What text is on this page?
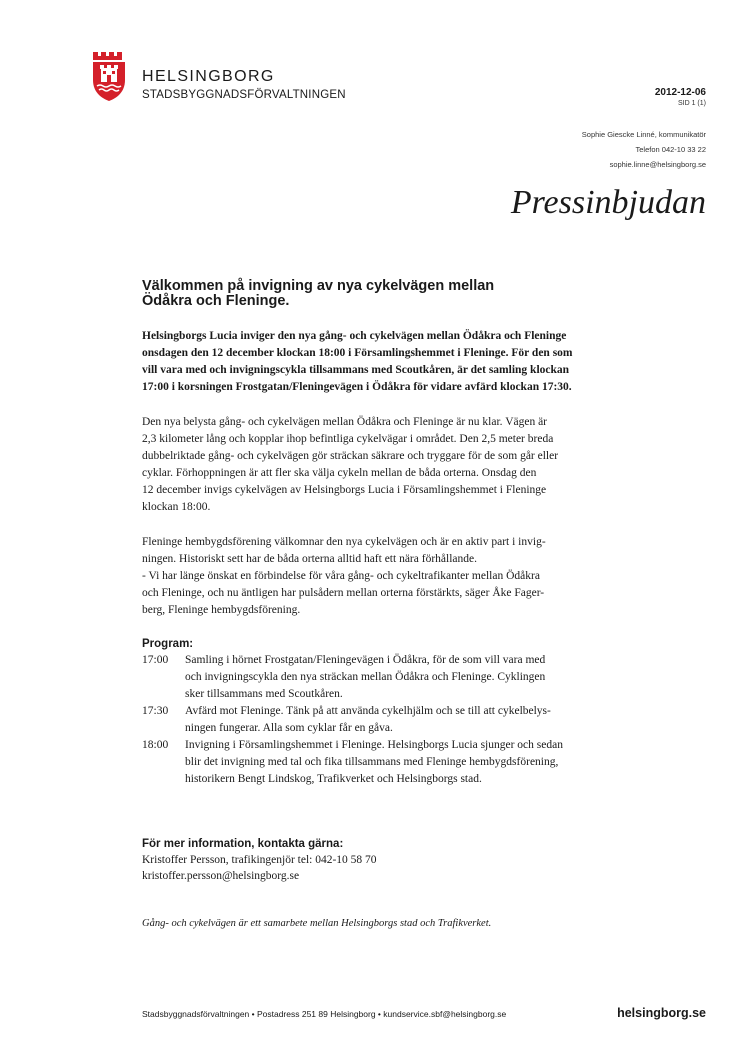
HELSINGBORG
STADSBYGGNADSFÖRVALTNINGEN	2012-12-06
SID 1 (1)
Sophie Giescke Linné, kommunikatör
Telefon 042-10 33 22
sophie.linne@helsingborg.se
Pressinbjudan
Välkommen på invigning av nya cykelvägen mellan
Ödåkra och Fleninge.
Helsingborgs Lucia inviger den nya gång- och cykelvägen mellan Ödåkra och Fleninge
onsdagen den 12 december klockan 18:00 i Församlingshemmet i Fleninge. För den som
vill vara med och invigningscykla tillsammans med Scoutkåren, är det samling klockan
17:00 i korsningen Frostgatan/Fleningevägen i Ödåkra för vidare avfärd klockan 17:30.
Den nya belysta gång- och cykelvägen mellan Ödåkra och Fleninge är nu klar. Vägen är
2,3 kilometer lång och kopplar ihop befintliga cykelvägar i området. Den 2,5 meter breda
dubbelriktade gång- och cykelvägen gör sträckan säkrare och tryggare för de som går eller
cyklar. Förhoppningen är att fler ska välja cykeln mellan de båda orterna. Onsdag den
12 december invigs cykelvägen av Helsingborgs Lucia i Församlingshemmet i Fleninge
klockan 18:00.
Fleninge hembygdsförening välkomnar den nya cykelvägen och är en aktiv part i invig-
ningen. Historiskt sett har de båda orterna alltid haft ett nära förhållande.
- Vi har länge önskat en förbindelse för våra gång- och cykeltrafikanter mellan Ödåkra
och Fleninge, och nu äntligen har pulsådern mellan orterna förstärkts, säger Åke Fager-
berg, Fleninge hembygdsförening.
Program:
17:00	Samling i hörnet Frostgatan/Fleningevägen i Ödåkra, för de som vill vara med
och invigningscykla den nya sträckan mellan Ödåkra och Fleninge. Cyklingen
sker tillsammans med Scoutkåren.
17:30	Avfärd mot Fleninge. Tänk på att använda cykelhjälm och se till att cykelbelys-
ningen fungerar. Alla som cyklar får en gåva.
18:00	Invigning i Församlingshemmet i Fleninge. Helsingborgs Lucia sjunger och sedan
blir det invigning med tal och fika tillsammans med Fleninge hembygdsförening,
historikern Bengt Lindskog, Trafikverket och Helsingborgs stad.
För mer information, kontakta gärna:
Kristoffer Persson, trafikingenjör tel: 042-10 58 70
kristoffer.persson@helsingborg.se
Gång- och cykelvägen är ett samarbete mellan Helsingborgs stad och Trafikverket.
Stadsbyggnadsförvaltningen • Postadress 251 89 Helsingborg • kundservice.sbf@helsingborg.se	helsingborg.se
